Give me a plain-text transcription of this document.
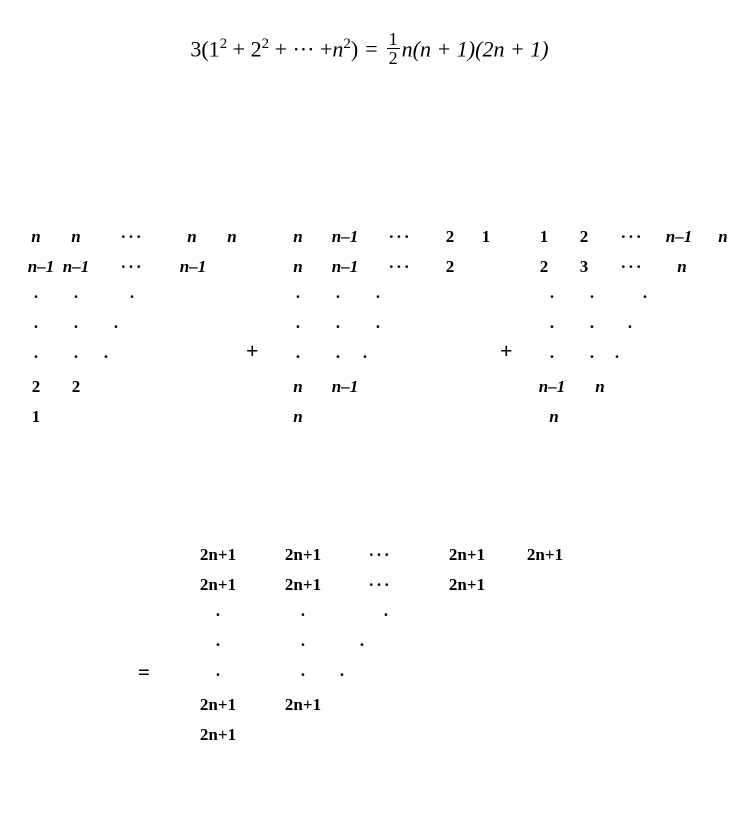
$3(1^2 + 2^2$ + ··· $+n^2) = \frac{1}{2} n(n + 1)(2n + 1)$
n n ···	n n
n–1 n–1 ··· n–1
· ·	·
· · ·
· · ·
2 2
1
+
n n–1 ··· 2 1
n n–1 ··· 2
· · ·
· · ·
· · ·
n n–1
n
+
1 2 ··· n–1 n
2 3 ··· n
· ·	·
· · ·
· · ·
n–1 n
n
=
2n+1	2n+1	···	2n+1 2n+1
2n+1	2n+1	···	2n+1
·	·	·
·	·	·
·	· ·
2n+1	2n+1
2n+1
